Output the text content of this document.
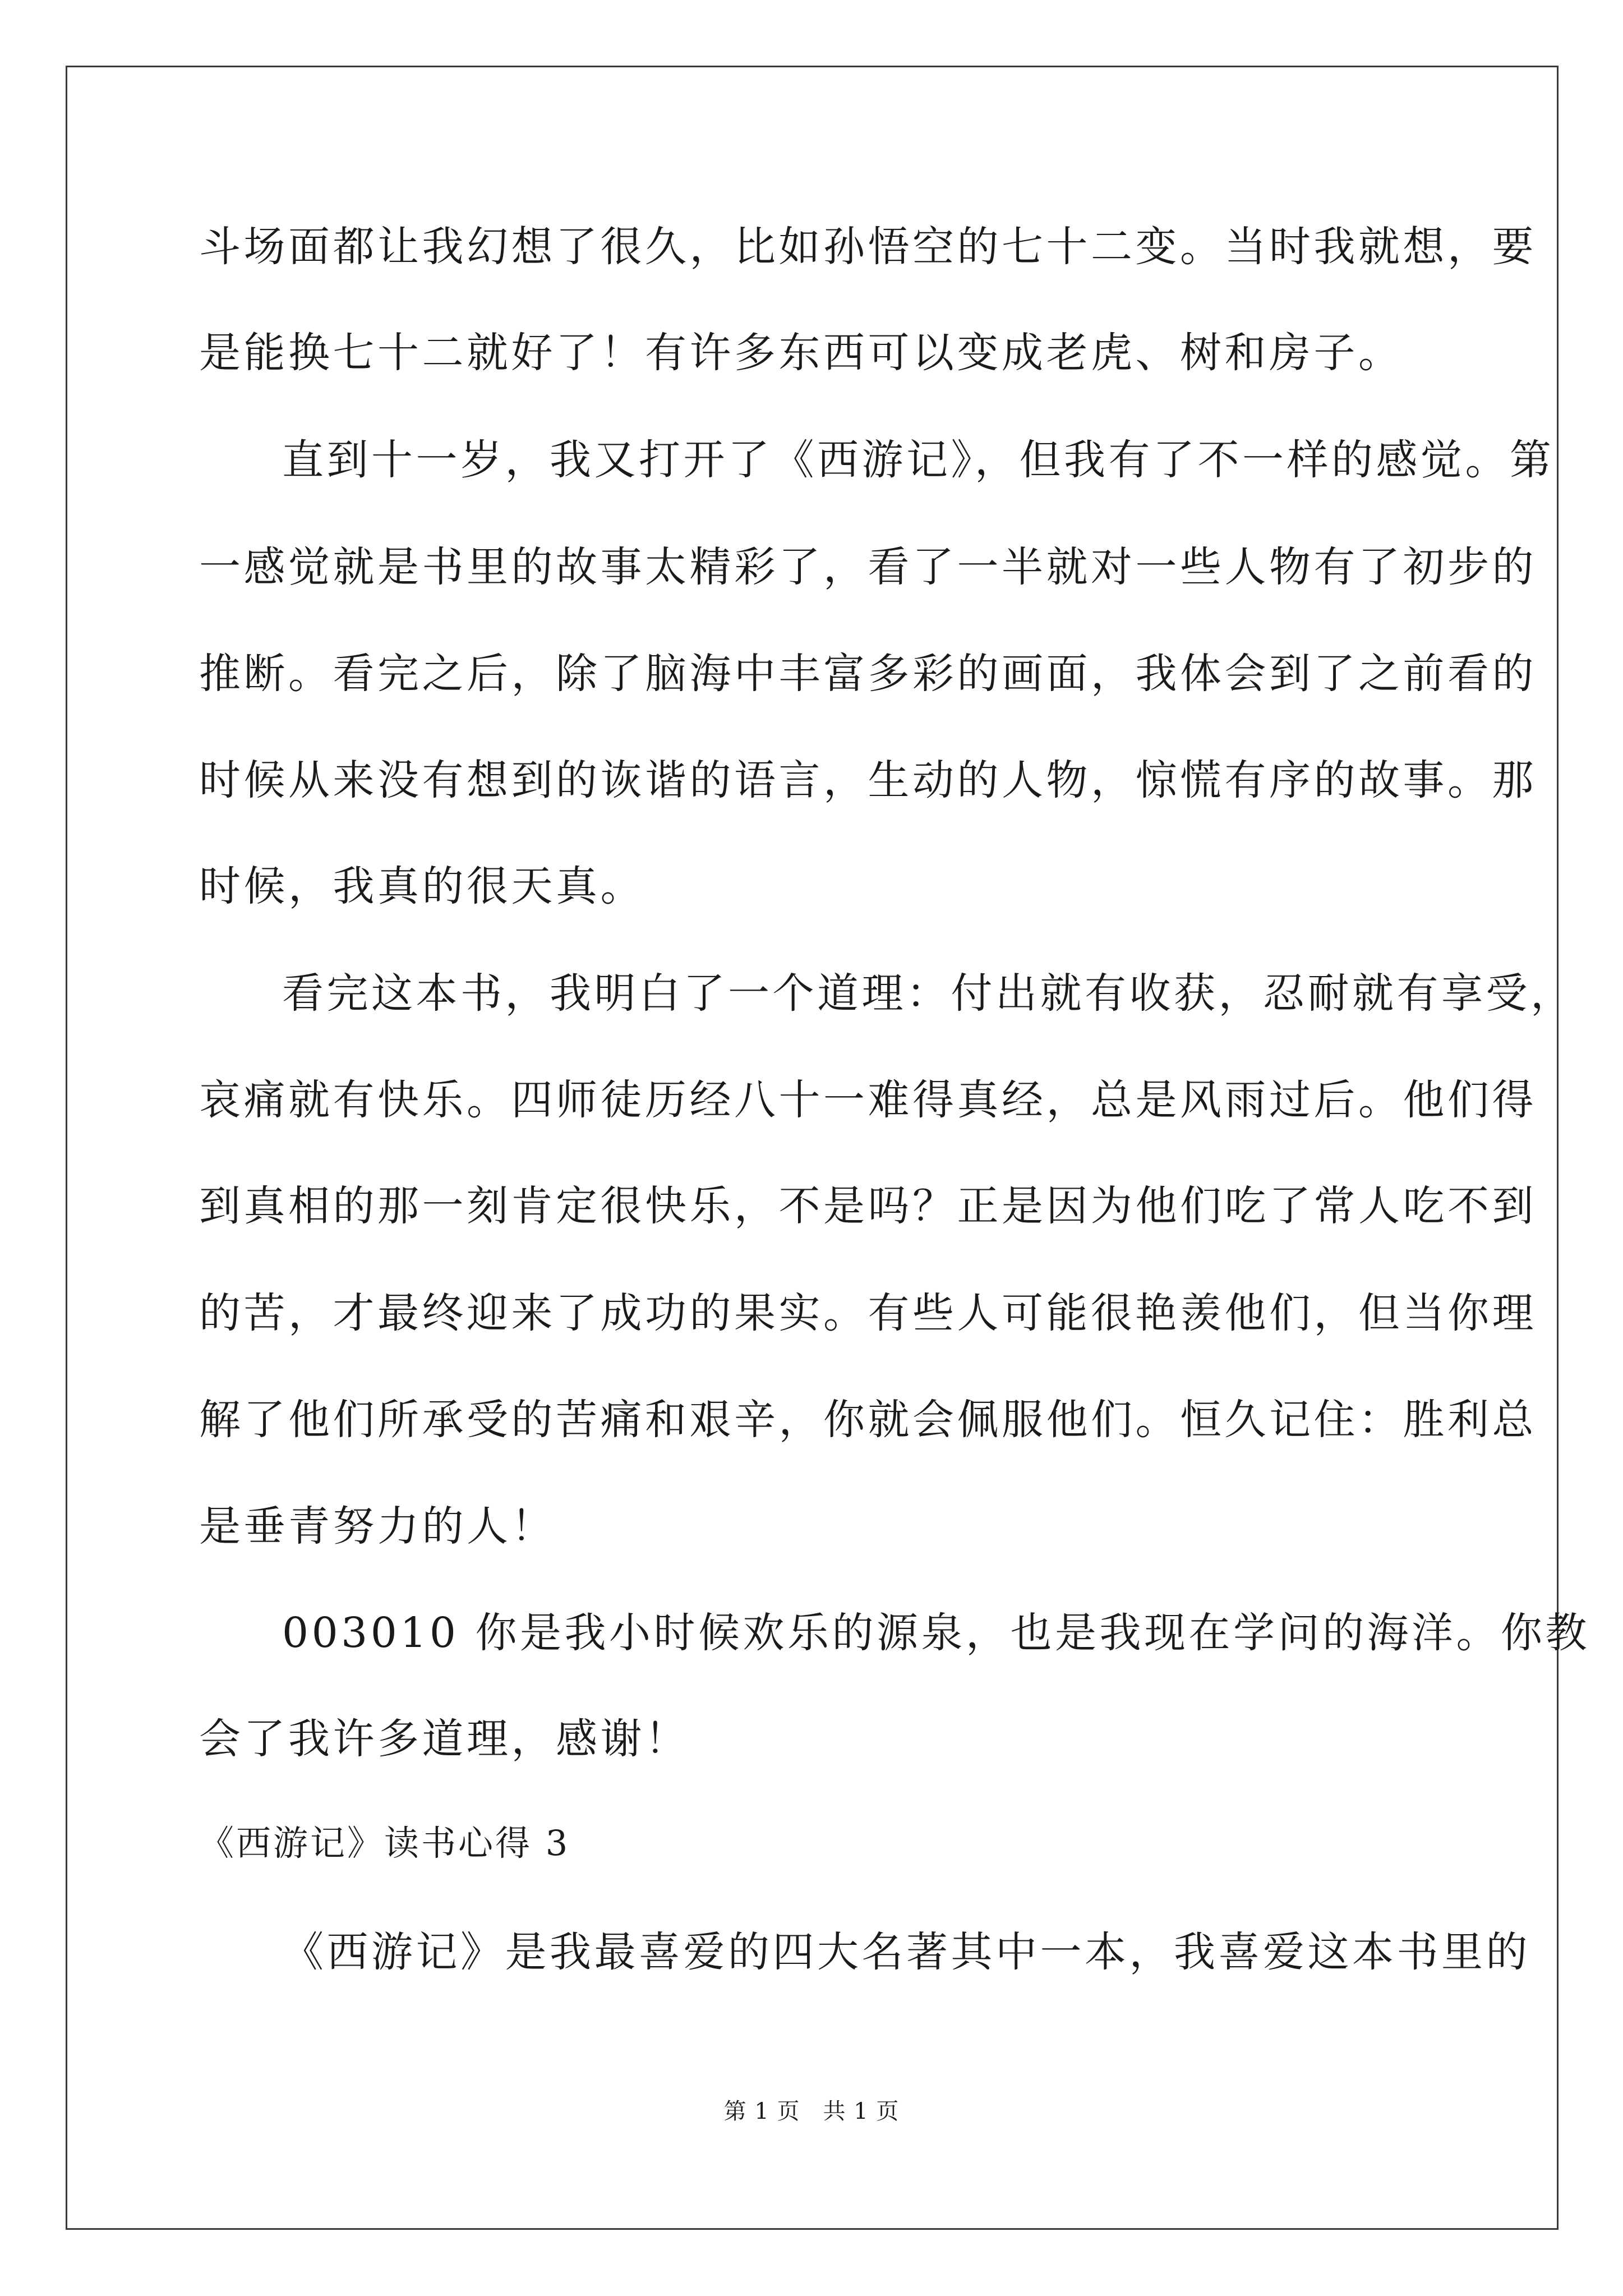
斗场面都让我幻想了很久，比如孙悟空的七十二变。当时我就想，要
是能换七十二就好了！有许多东西可以变成老虎、树和房子。
直到十一岁，我又打开了《西游记》，但我有了不一样的感觉。第
一感觉就是书里的故事太精彩了，看了一半就对一些人物有了初步的
推断。看完之后，除了脑海中丰富多彩的画面，我体会到了之前看的
时候从来没有想到的诙谐的语言，生动的人物，惊慌有序的故事。那
时候，我真的很天真。
看完这本书，我明白了一个道理：付出就有收获，忍耐就有享受，
哀痛就有快乐。四师徒历经八十一难得真经，总是风雨过后。他们得
到真相的那一刻肯定很快乐，不是吗？正是因为他们吃了常人吃不到
的苦，才最终迎来了成功的果实。有些人可能很艳羡他们，但当你理
解了他们所承受的苦痛和艰辛，你就会佩服他们。恒久记住：胜利总
是垂青努力的人！
003010 你是我小时候欢乐的源泉，也是我现在学问的海洋。你教
会了我许多道理，感谢！
《西游记》读书心得 3
《西游记》是我最喜爱的四大名著其中一本，我喜爱这本书里的
第 1 页　共 1 页
